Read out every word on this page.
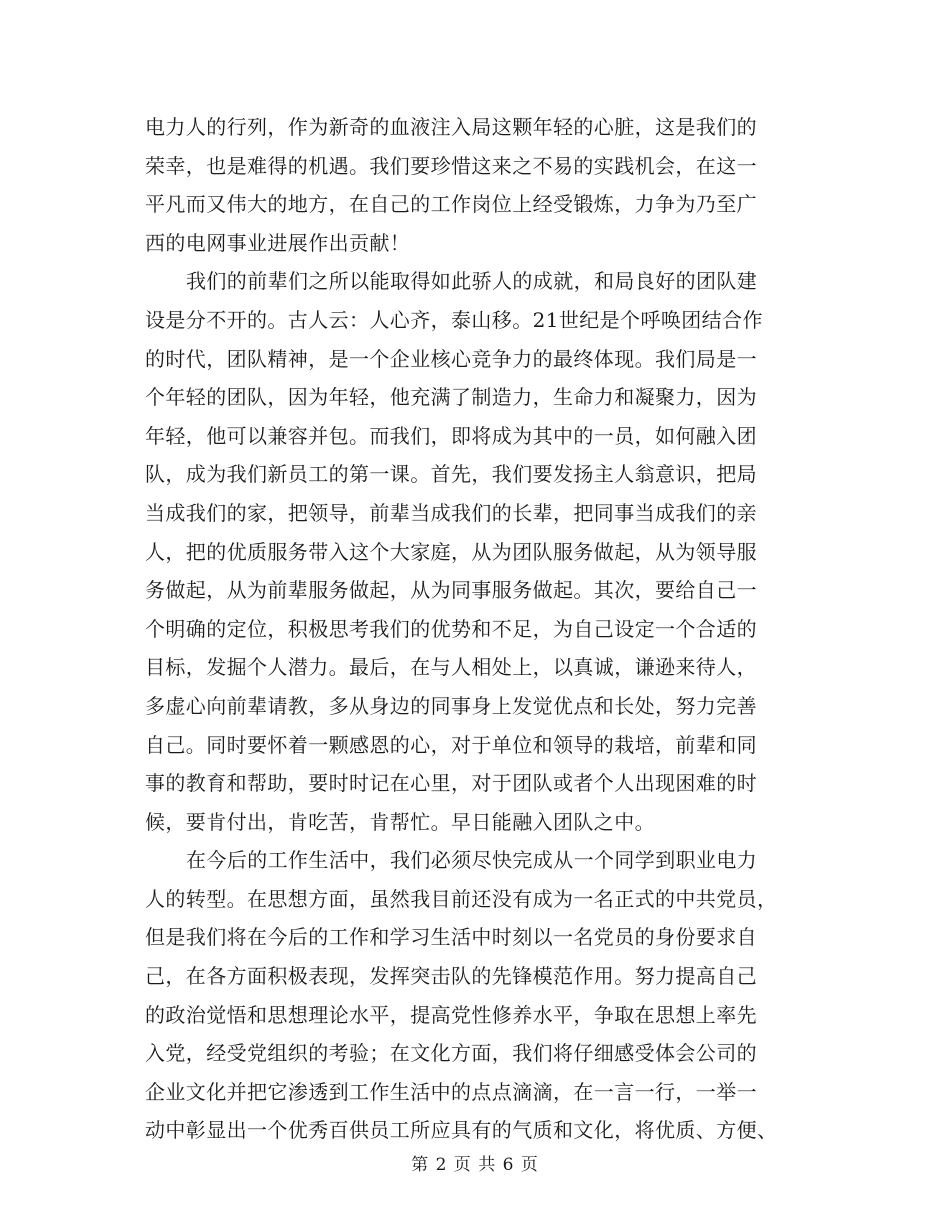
电力人的行列，作为新奇的血液注入局这颗年轻的心脏，这是我们的
荣幸，也是难得的机遇。我们要珍惜这来之不易的实践机会，在这一
平凡而又伟大的地方，在自己的工作岗位上经受锻炼，力争为乃至广
西的电网事业进展作出贡献！
我们的前辈们之所以能取得如此骄人的成就，和局良好的团队建
设是分不开的。古人云：人心齐，泰山移。21世纪是个呼唤团结合作
的时代，团队精神，是一个企业核心竞争力的最终体现。我们局是一
个年轻的团队，因为年轻，他充满了制造力，生命力和凝聚力，因为
年轻，他可以兼容并包。而我们，即将成为其中的一员，如何融入团
队，成为我们新员工的第一课。首先，我们要发扬主人翁意识，把局
当成我们的家，把领导，前辈当成我们的长辈，把同事当成我们的亲
人，把的优质服务带入这个大家庭，从为团队服务做起，从为领导服
务做起，从为前辈服务做起，从为同事服务做起。其次，要给自己一
个明确的定位，积极思考我们的优势和不足，为自己设定一个合适的
目标，发掘个人潜力。最后，在与人相处上，以真诚，谦逊来待人，
多虚心向前辈请教，多从身边的同事身上发觉优点和长处，努力完善
自己。同时要怀着一颗感恩的心，对于单位和领导的栽培，前辈和同
事的教育和帮助，要时时记在心里，对于团队或者个人出现困难的时
候，要肯付出，肯吃苦，肯帮忙。早日能融入团队之中。
在今后的工作生活中，我们必须尽快完成从一个同学到职业电力
人的转型。在思想方面，虽然我目前还没有成为一名正式的中共党员，
但是我们将在今后的工作和学习生活中时刻以一名党员的身份要求自
己，在各方面积极表现，发挥突击队的先锋模范作用。努力提高自己
的政治觉悟和思想理论水平，提高党性修养水平，争取在思想上率先
入党，经受党组织的考验；在文化方面，我们将仔细感受体会公司的
企业文化并把它渗透到工作生活中的点点滴滴，在一言一行，一举一
动中彰显出一个优秀百供员工所应具有的气质和文化，将优质、方便、
第 2 页 共 6 页
